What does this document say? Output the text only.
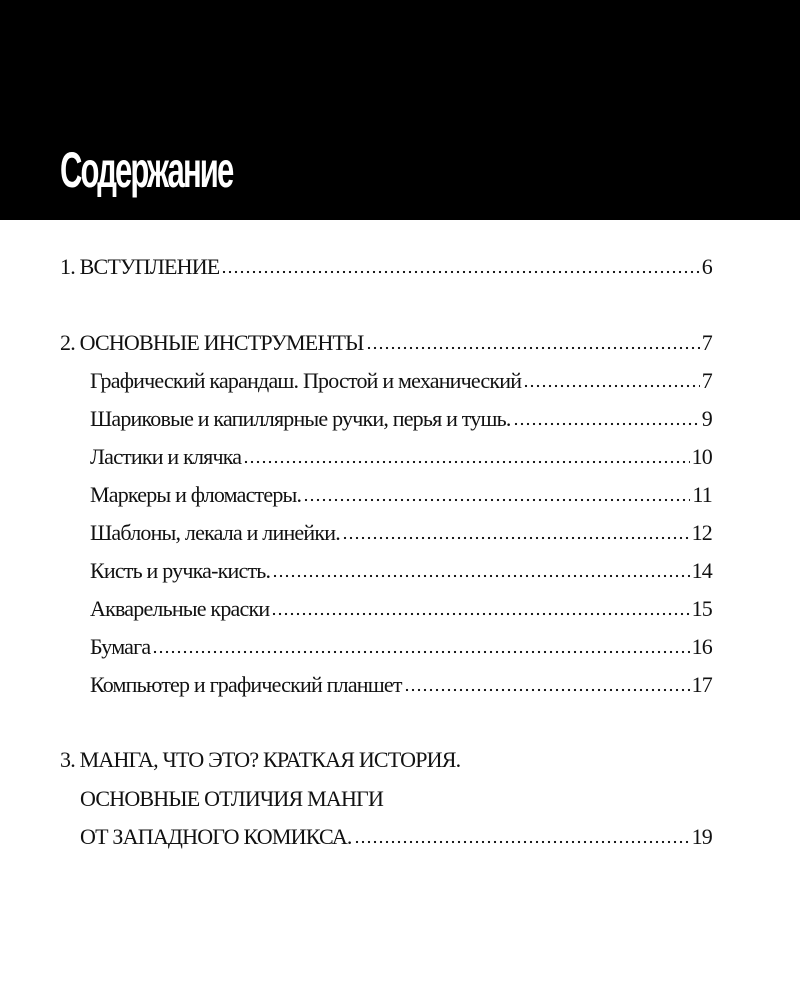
Содержание
1. ВСТУПЛЕНИЕ	6
2. ОСНОВНЫЕ ИНСТРУМЕНТЫ	7
Графический карандаш. Простой и механический	7
Шариковые и капиллярные ручки, перья и тушь.	9
Ластики и клячка	10
Маркеры и фломастеры.	11
Шаблоны, лекала и линейки.	12
Кисть и ручка-кисть.	14
Акварельные краски	15
Бумага	16
Компьютер и графический планшет	17
3. МАНГА, ЧТО ЭТО? КРАТКАЯ ИСТОРИЯ.
ОСНОВНЫЕ ОТЛИЧИЯ МАНГИ
ОТ ЗАПАДНОГО КОМИКСА.	19
